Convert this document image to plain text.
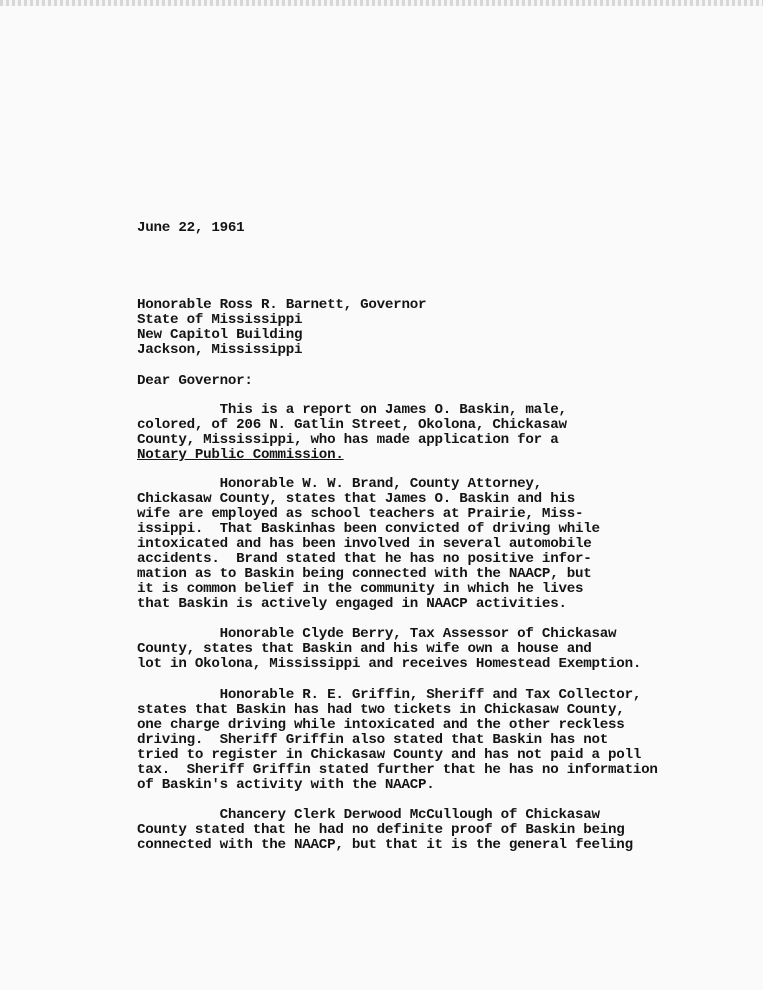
June 22, 1961
Honorable Ross R. Barnett, Governor
State of Mississippi
New Capitol Building
Jackson, Mississippi
Dear Governor:
This is a report on James O. Baskin, male,
colored, of 206 N. Gatlin Street, Okolona, Chickasaw
County, Mississippi, who has made application for a
Notary Public Commission.
Honorable W. W. Brand, County Attorney,
Chickasaw County, states that James O. Baskin and his
wife are employed as school teachers at Prairie, Miss-
issippi.  That Baskinhas been convicted of driving while
intoxicated and has been involved in several automobile
accidents.  Brand stated that he has no positive infor-
mation as to Baskin being connected with the NAACP, but
it is common belief in the community in which he lives
that Baskin is actively engaged in NAACP activities.
Honorable Clyde Berry, Tax Assessor of Chickasaw
County, states that Baskin and his wife own a house and
lot in Okolona, Mississippi and receives Homestead Exemption.
Honorable R. E. Griffin, Sheriff and Tax Collector,
states that Baskin has had two tickets in Chickasaw County,
one charge driving while intoxicated and the other reckless
driving.  Sheriff Griffin also stated that Baskin has not
tried to register in Chickasaw County and has not paid a poll
tax.  Sheriff Griffin stated further that he has no information
of Baskin's activity with the NAACP.
Chancery Clerk Derwood McCullough of Chickasaw
County stated that he had no definite proof of Baskin being
connected with the NAACP, but that it is the general feeling
